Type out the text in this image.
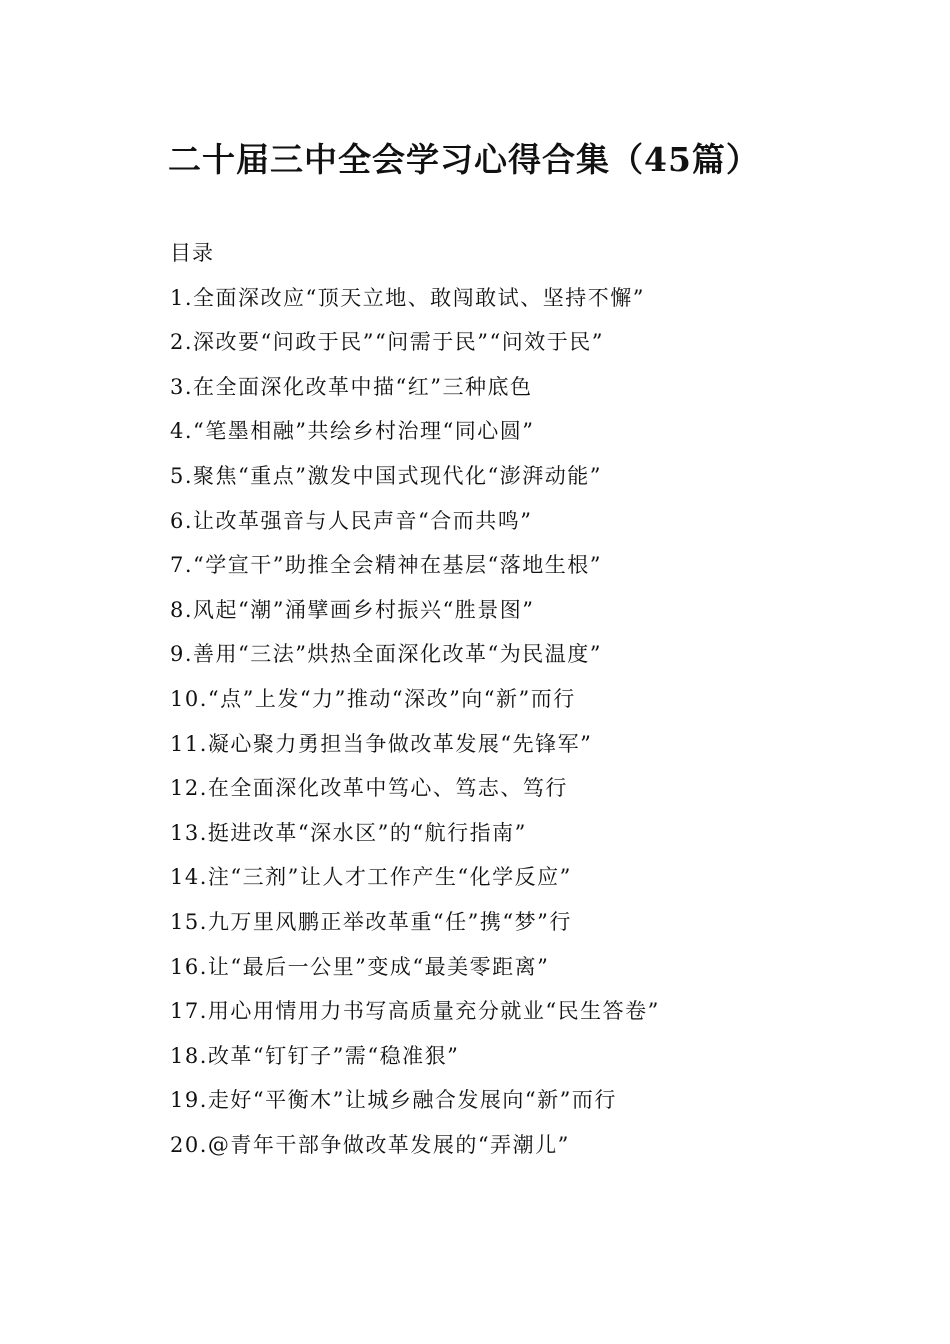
二十届三中全会学习心得合集（45篇）
目录
1.全面深改应“顶天立地、敢闯敢试、坚持不懈”
2.深改要“问政于民”“问需于民”“问效于民”
3.在全面深化改革中描“红”三种底色
4.“笔墨相融”共绘乡村治理“同心圆”
5.聚焦“重点”激发中国式现代化“澎湃动能”
6.让改革强音与人民声音“合而共鸣”
7.“学宣干”助推全会精神在基层“落地生根”
8.风起“潮”涌擘画乡村振兴“胜景图”
9.善用“三法”烘热全面深化改革“为民温度”
10.“点”上发“力”推动“深改”向“新”而行
11.凝心聚力勇担当争做改革发展“先锋军”
12.在全面深化改革中笃心、笃志、笃行
13.挺进改革“深水区”的“航行指南”
14.注“三剂”让人才工作产生“化学反应”
15.九万里风鹏正举改革重“任”携“梦”行
16.让“最后一公里”变成“最美零距离”
17.用心用情用力书写高质量充分就业“民生答卷”
18.改革“钉钉子”需“稳准狠”
19.走好“平衡木”让城乡融合发展向“新”而行
20.@青年干部争做改革发展的“弄潮儿”
